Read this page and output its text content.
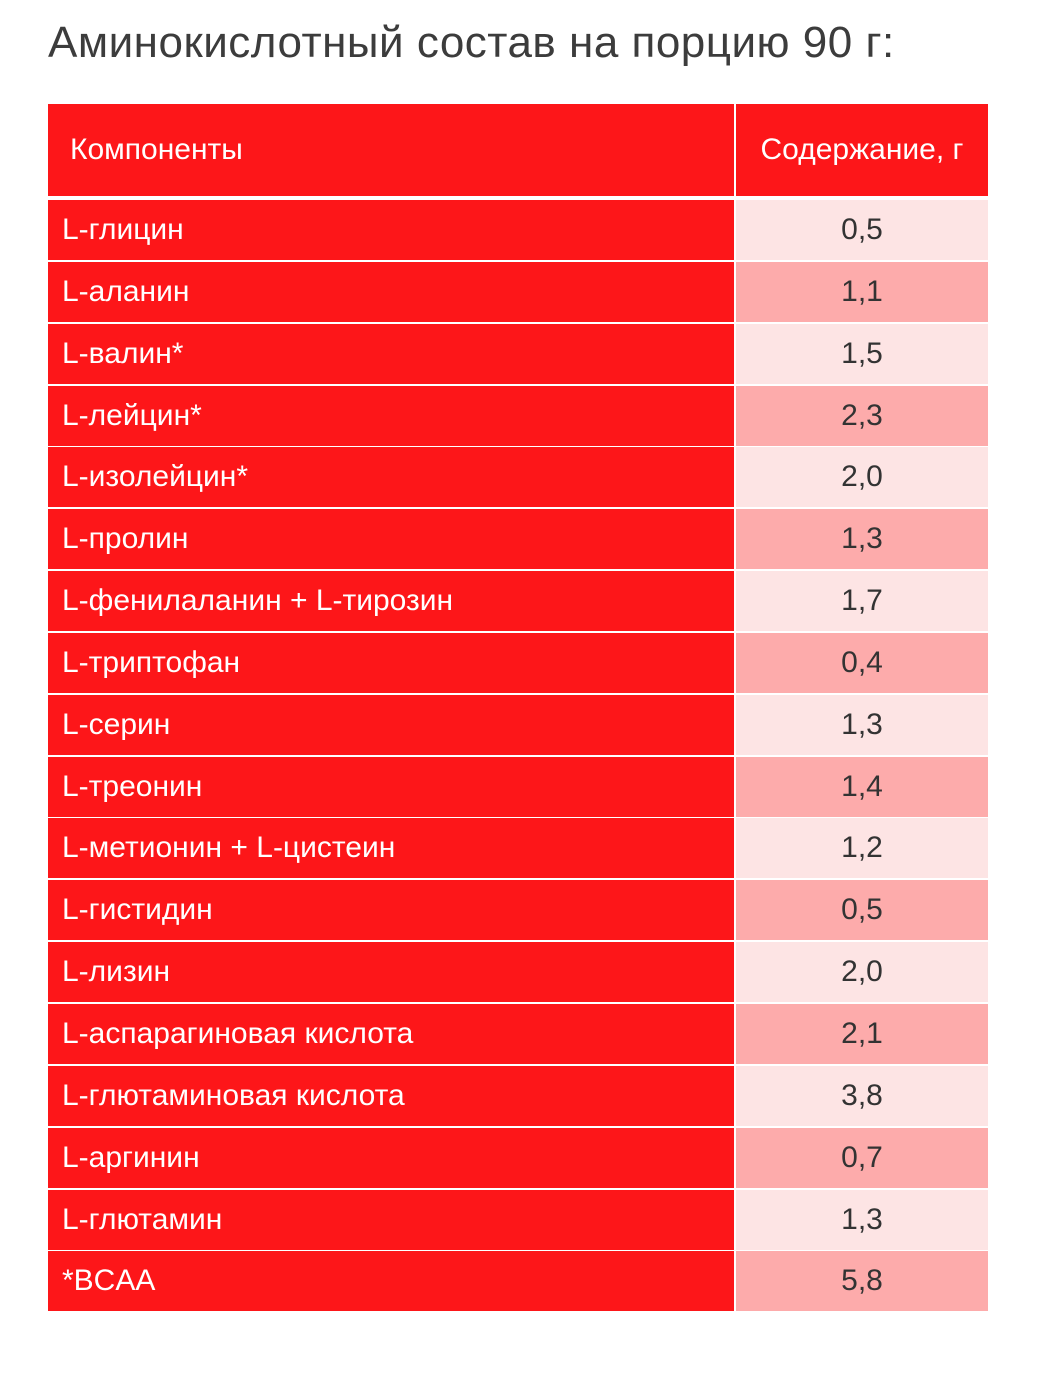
Аминокислотный состав на порцию 90 г:
Компоненты	Содержание, г
L-глицин	0,5
L-аланин	1,1
L-валин*	1,5
L-лейцин*	2,3
L-изолейцин*	2,0
L-пролин	1,3
L-фенилаланин + L-тирозин	1,7
L-триптофан	0,4
L-серин	1,3
L-треонин	1,4
L-метионин + L-цистеин	1,2
L-гистидин	0,5
L-лизин	2,0
L-аспарагиновая кислота	2,1
L-глютаминовая кислота	3,8
L-аргинин	0,7
L-глютамин	1,3
*BCAA	5,8
